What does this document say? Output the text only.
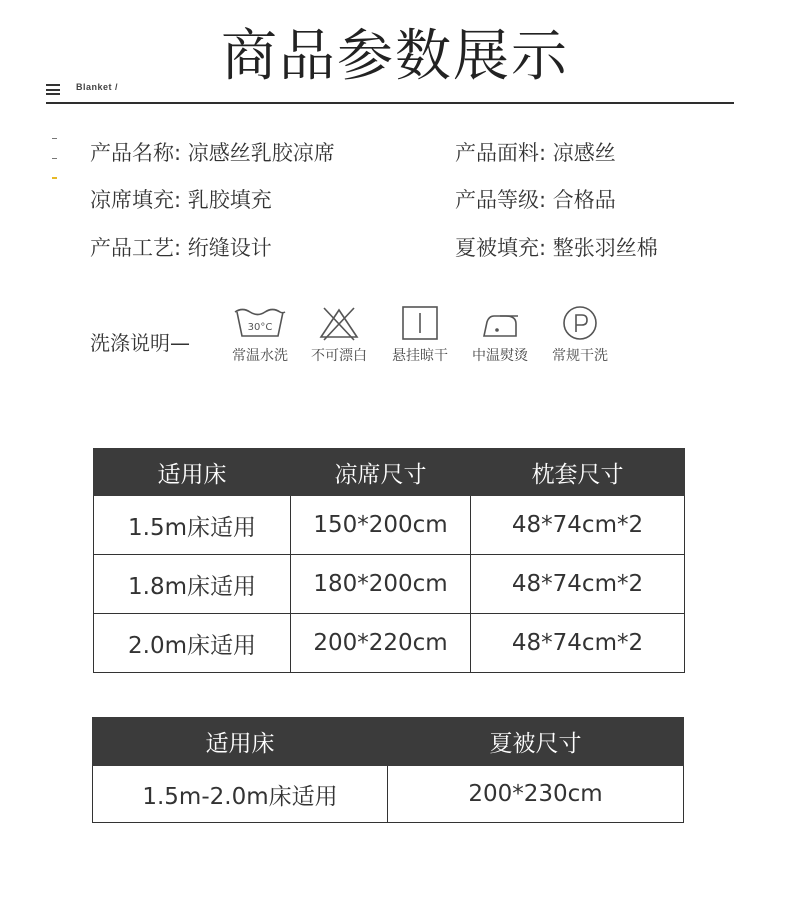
商品参数展示
Blanket /
产品名称: 凉感丝乳胶凉席	产品面料: 凉感丝
凉席填充: 乳胶填充	产品等级: 合格品
产品工艺: 绗缝设计	夏被填充: 整张羽丝棉
洗涤说明—
30°C
常温水洗	不可漂白	悬挂晾干	中温熨烫	常规干洗
适用床	凉席尺寸	枕套尺寸
1.5m床适用	150*200cm	48*74cm*2
1.8m床适用	180*200cm	48*74cm*2
2.0m床适用	200*220cm	48*74cm*2
适用床	夏被尺寸
1.5m-2.0m床适用	200*230cm
